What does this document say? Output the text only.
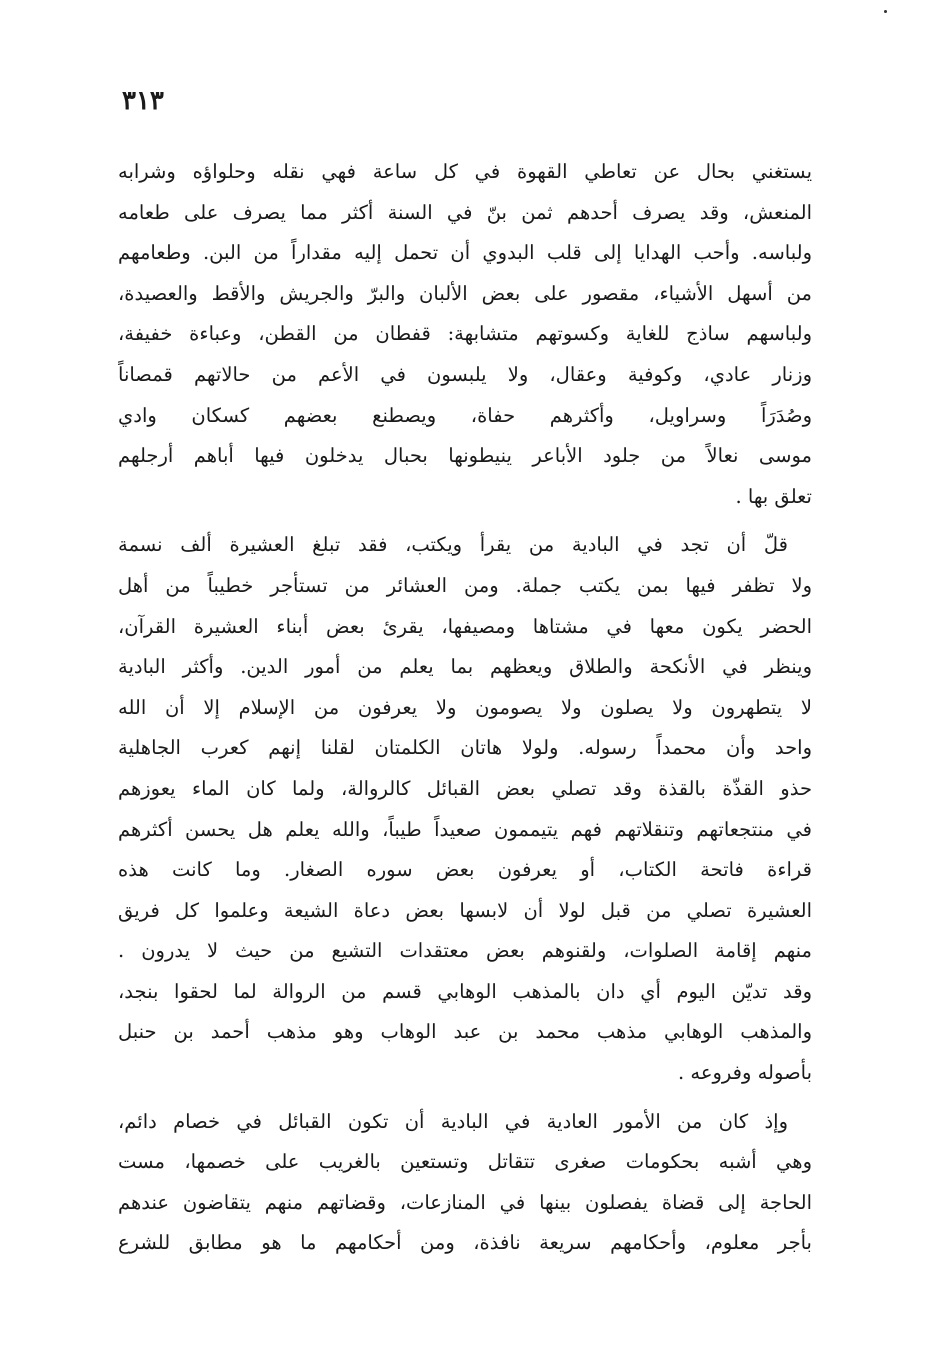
٣١٣
يستغني بحال عن تعاطي القهوة في كل ساعة فهي نقله وحلواؤه وشرابه
المنعش، وقد يصرف أحدهم ثمن بنّ في السنة أكثر مما يصرف على طعامه
ولباسه. وأحب الهدايا إلى قلب البدوي أن تحمل إليه مقداراً من البن. وطعامهم
من أسهل الأشياء، مقصور على بعض الألبان والبرّ والجريش والأقط والعصيدة،
ولباسهم ساذج للغاية وكسوتهم متشابهة: قفطان من القطن، وعباءة خفيفة،
وزنار عادي، وكوفية وعقال، ولا يلبسون في الأعم من حالاتهم قمصاناً
وصُدَرَاً وسراويل، وأكثرهم حفاة، ويصطنع بعضهم كسكان وادي
موسى نعالاً من جلود الأباعر ينيطونها بحبال يدخلون فيها أباهم أرجلهم
تعلق بها .
قلّ أن تجد في البادية من يقرأ ويكتب، فقد تبلغ العشيرة ألف نسمة
ولا تظفر فيها بمن يكتب جملة. ومن العشائر من تستأجر خطيباً من أهل
الحضر يكون معها في مشتاها ومصيفها، يقرئ بعض أبناء العشيرة القرآن،
وينظر في الأنكحة والطلاق ويعظهم بما يعلم من أمور الدين. وأكثر البادية
لا يتطهرون ولا يصلون ولا يصومون ولا يعرفون من الإسلام إلا أن الله
واحد وأن محمداً رسوله. ولولا هاتان الكلمتان لقلنا إنهم كعرب الجاهلية
حذو القذّة بالقذة وقد تصلي بعض القبائل كالروالة، ولما كان الماء يعوزهم
في منتجعاتهم وتنقلاتهم فهم يتيممون صعيداً طيباً، والله يعلم هل يحسن أكثرهم
قراءة فاتحة الكتاب، أو يعرفون بعض سوره الصغار. وما كانت هذه
العشيرة تصلي من قبل لولا أن لابسها بعض دعاة الشيعة وعلموا كل فريق
منهم إقامة الصلوات، ولقنوهم بعض معتقدات التشيع من حيث لا يدرون .
وقد تديّن اليوم أي دان بالمذهب الوهابي قسم من الروالة لما لحقوا بنجد،
والمذهب الوهابي مذهب محمد بن عبد الوهاب وهو مذهب أحمد بن حنبل
بأصوله وفروعه .
وإذ كان من الأمور العادية في البادية أن تكون القبائل في خصام دائم،
وهي أشبه بحكومات صغرى تتقاتل وتستعين بالغريب على خصمها، مست
الحاجة إلى قضاة يفصلون بينها في المنازعات، وقضاتهم منهم يتقاضون عندهم
بأجر معلوم، وأحكامهم سريعة نافذة، ومن أحكامهم ما هو مطابق للشرع
